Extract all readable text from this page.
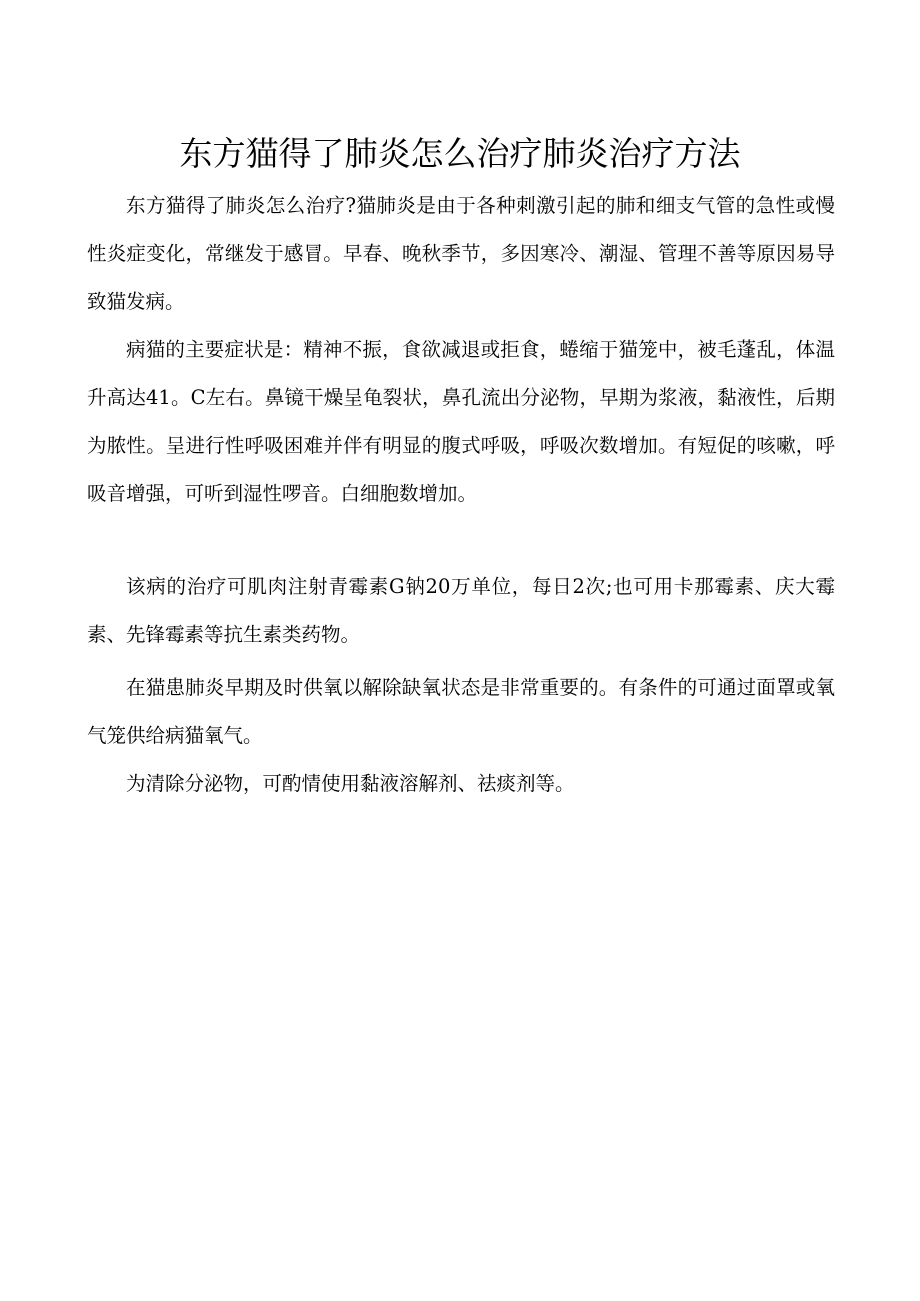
东方猫得了肺炎怎么治疗肺炎治疗方法

东方猫得了肺炎怎么治疗?猫肺炎是由于各种刺激引起的肺和细支气管的急性或慢性炎症变化，常继发于感冒。早春、晚秋季节，多因寒冷、潮湿、管理不善等原因易导致猫发病。

病猫的主要症状是：精神不振，食欲减退或拒食，蜷缩于猫笼中，被毛蓬乱，体温升高达41。C左右。鼻镜干燥呈龟裂状，鼻孔流出分泌物，早期为浆液，黏液性，后期为脓性。呈进行性呼吸困难并伴有明显的腹式呼吸，呼吸次数增加。有短促的咳嗽，呼吸音增强，可听到湿性啰音。白细胞数增加。

该病的治疗可肌肉注射青霉素G钠20万单位，每日2次;也可用卡那霉素、庆大霉素、先锋霉素等抗生素类药物。

在猫患肺炎早期及时供氧以解除缺氧状态是非常重要的。有条件的可通过面罩或氧气笼供给病猫氧气。

为清除分泌物，可酌情使用黏液溶解剂、祛痰剂等。
